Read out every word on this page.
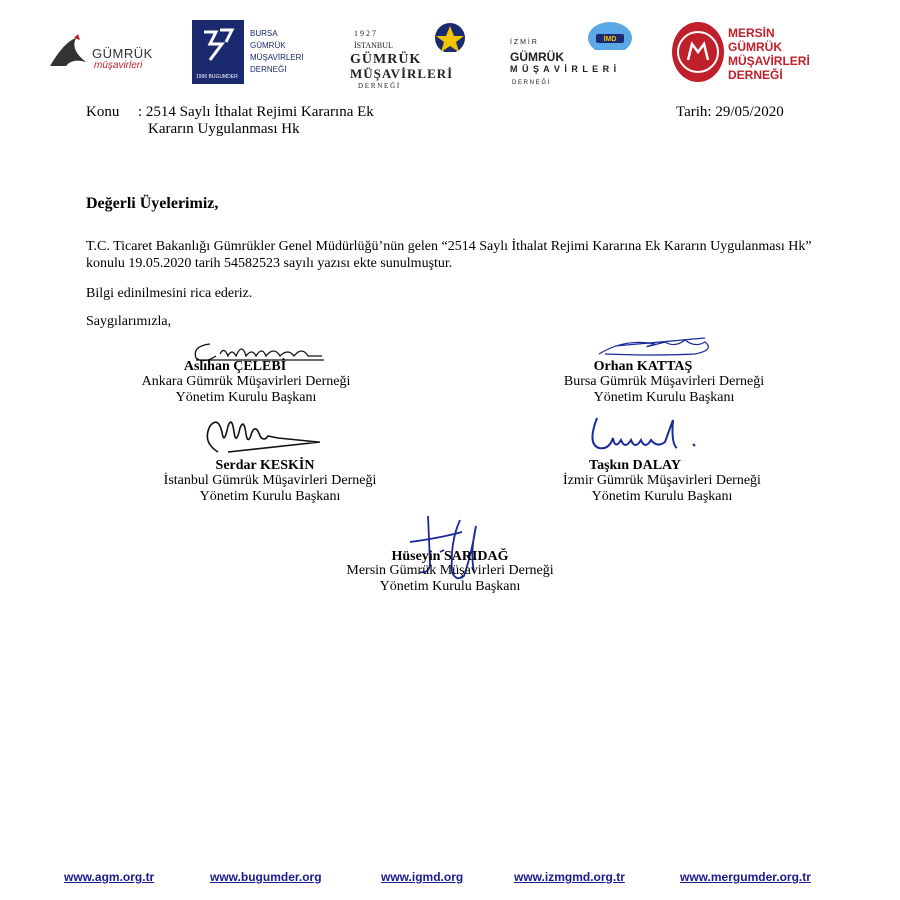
GÜMRÜK
müşavirleri
1996 BUGUMDER
BURSA
GÜMRÜK
MÜŞAVİRLERİ
DERNEĞİ
1 9 2 7
İSTANBUL
GÜMRÜK
MÜŞAVİRLERİ
D E R N E Ğ İ
İ Z M İ R	İMD
GÜMRÜK
M Ü Ş A V İ R L E R İ
D E R N E Ğ İ
MERSİN
GÜMRÜK
MÜŞAVİRLERİ
DERNEĞİ
Konu : 2514 Saylı İthalat Rejimi Kararına Ek
Kararın Uygulanması Hk
Tarih: 29/05/2020
Değerli Üyelerimiz,
T.C. Ticaret Bakanlığı Gümrükler Genel Müdürlüğü’nün gelen “2514 Saylı İthalat Rejimi Kararına Ek Kararın Uygulanması Hk” konulu 19.05.2020 tarih 54582523 sayılı yazısı ekte sunulmuştur.
Bilgi edinilmesini rica ederiz.
Saygılarımızla,
Aslıhan ÇELEBİ
Ankara Gümrük Müşavirleri Derneği
Yönetim Kurulu Başkanı
Orhan KATTAŞ
Bursa Gümrük Müşavirleri Derneği
Yönetim Kurulu Başkanı
Serdar KESKİN
İstanbul Gümrük Müşavirleri Derneği
Yönetim Kurulu Başkanı
Taşkın DALAY
İzmir Gümrük Müşavirleri Derneği
Yönetim Kurulu Başkanı
Hüseyin SARIDAĞ
Mersin Gümrük Müşavirleri Derneği
Yönetim Kurulu Başkanı
www.agm.org.tr	www.bugumder.org	www.igmd.org	www.izmgmd.org.tr	www.mergumder.org.tr
